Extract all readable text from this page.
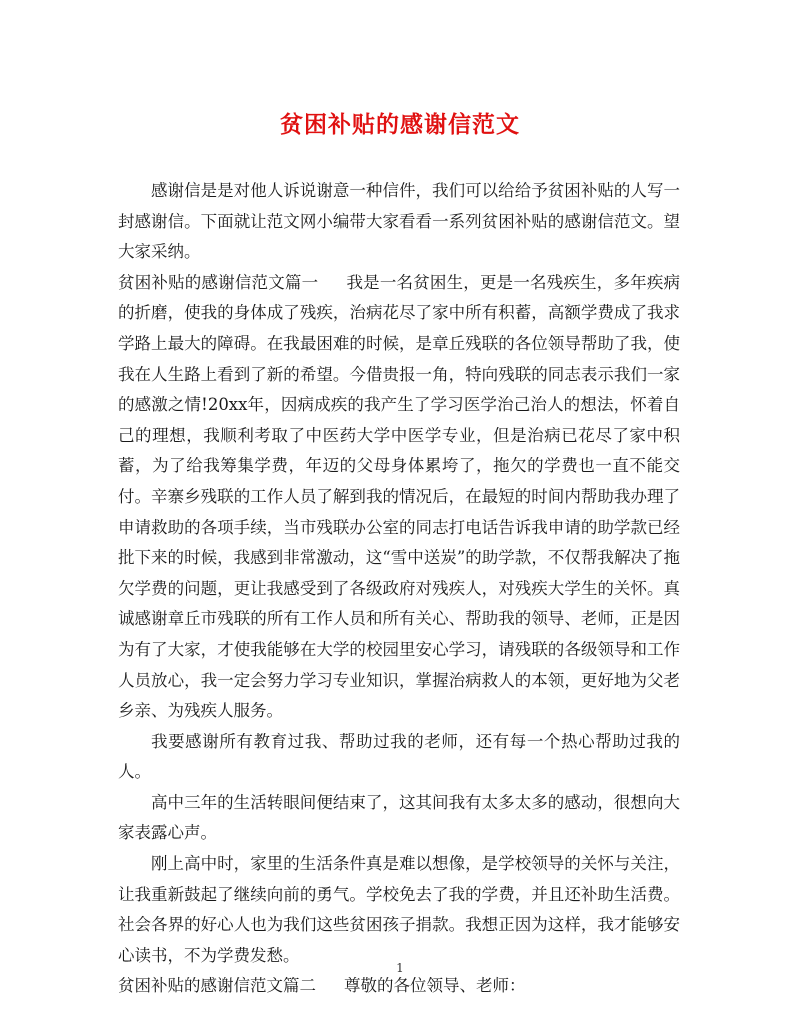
贫困补贴的感谢信范文

感谢信是是对他人诉说谢意一种信件，我们可以给给予贫困补贴的人写一封感谢信。下面就让范文网小编带大家看看一系列贫困补贴的感谢信范文。望大家采纳。

贫困补贴的感谢信范文篇一 我是一名贫困生，更是一名残疾生，多年疾病的折磨，使我的身体成了残疾，治病花尽了家中所有积蓄，高额学费成了我求学路上最大的障碍。在我最困难的时候，是章丘残联的各位领导帮助了我，使我在人生路上看到了新的希望。今借贵报一角，特向残联的同志表示我们一家的感激之情!20xx年，因病成疾的我产生了学习医学治己治人的想法，怀着自己的理想，我顺利考取了中医药大学中医学专业，但是治病已花尽了家中积蓄，为了给我筹集学费，年迈的父母身体累垮了，拖欠的学费也一直不能交付。辛寨乡残联的工作人员了解到我的情况后，在最短的时间内帮助我办理了申请救助的各项手续，当市残联办公室的同志打电话告诉我申请的助学款已经批下来的时候，我感到非常激动，这“雪中送炭”的助学款，不仅帮我解决了拖欠学费的问题，更让我感受到了各级政府对残疾人，对残疾大学生的关怀。真诚感谢章丘市残联的所有工作人员和所有关心、帮助我的领导、老师，正是因为有了大家，才使我能够在大学的校园里安心学习，请残联的各级领导和工作人员放心，我一定会努力学习专业知识，掌握治病救人的本领，更好地为父老乡亲、为残疾人服务。

我要感谢所有教育过我、帮助过我的老师，还有每一个热心帮助过我的人。

高中三年的生活转眼间便结束了，这其间我有太多太多的感动，很想向大家表露心声。

刚上高中时，家里的生活条件真是难以想像，是学校领导的关怀与关注，让我重新鼓起了继续向前的勇气。学校免去了我的学费，并且还补助生活费。社会各界的好心人也为我们这些贫困孩子捐款。我想正因为这样，我才能够安心读书，不为学费发愁。

贫困补贴的感谢信范文篇二 尊敬的各位领导、老师：

1
